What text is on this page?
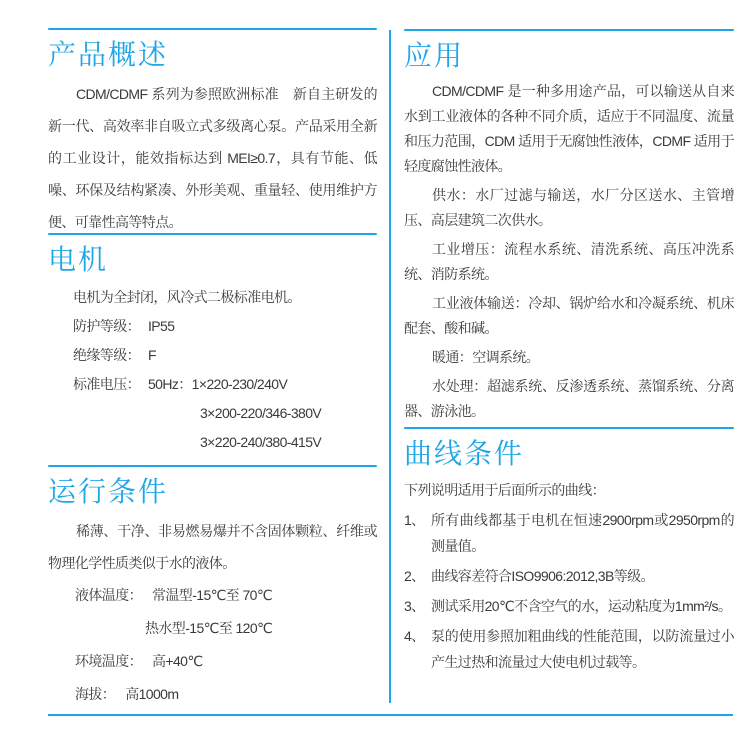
产品概述

CDM/CDMF 系列为参照欧洲标准　新自主研发的新一代、高效率非自吸立式多级离心泵。产品采用全新的工业设计，能效指标达到 MEI≥0.7，具有节能、低噪、环保及结构紧凑、外形美观、重量轻、使用维护方便、可靠性高等特点。

电机

电机为全封闭，风冷式二极标准电机。

防护等级： IP55
绝缘等级： F
标准电压： 50Hz：1×220-230/240V
3×200-220/346-380V
3×220-240/380-415V
运行条件

稀薄、干净、非易燃易爆并不含固体颗粒、纤维或物理化学性质类似于水的液体。

液体温度： 常温型-15℃至 70℃
热水型-15℃至 120℃
环境温度： 高+40℃
海拔： 高1000m
应用

CDM/CDMF 是一种多用途产品，可以输送从自来水到工业液体的各种不同介质，适应于不同温度、流量和压力范围，CDM 适用于无腐蚀性液体，CDMF 适用于轻度腐蚀性液体。

供水：水厂过滤与输送，水厂分区送水、主管增压、高层建筑二次供水。

工业增压：流程水系统、清洗系统、高压冲洗系统、消防系统。

工业液体输送：冷却、锅炉给水和冷凝系统、机床配套、酸和碱。

暖通：空调系统。

水处理：超滤系统、反渗透系统、蒸馏系统、分离器、游泳池。

曲线条件

下列说明适用于后面所示的曲线：

1、 所有曲线都基于电机在恒速2900rpm或2950rpm的测量值。
2、 曲线容差符合ISO9906:2012,3B等级。
3、 测试采用20℃不含空气的水，运动粘度为1mm²/s。
4、 泵的使用参照加粗曲线的性能范围，以防流量过小产生过热和流量过大使电机过载等。
